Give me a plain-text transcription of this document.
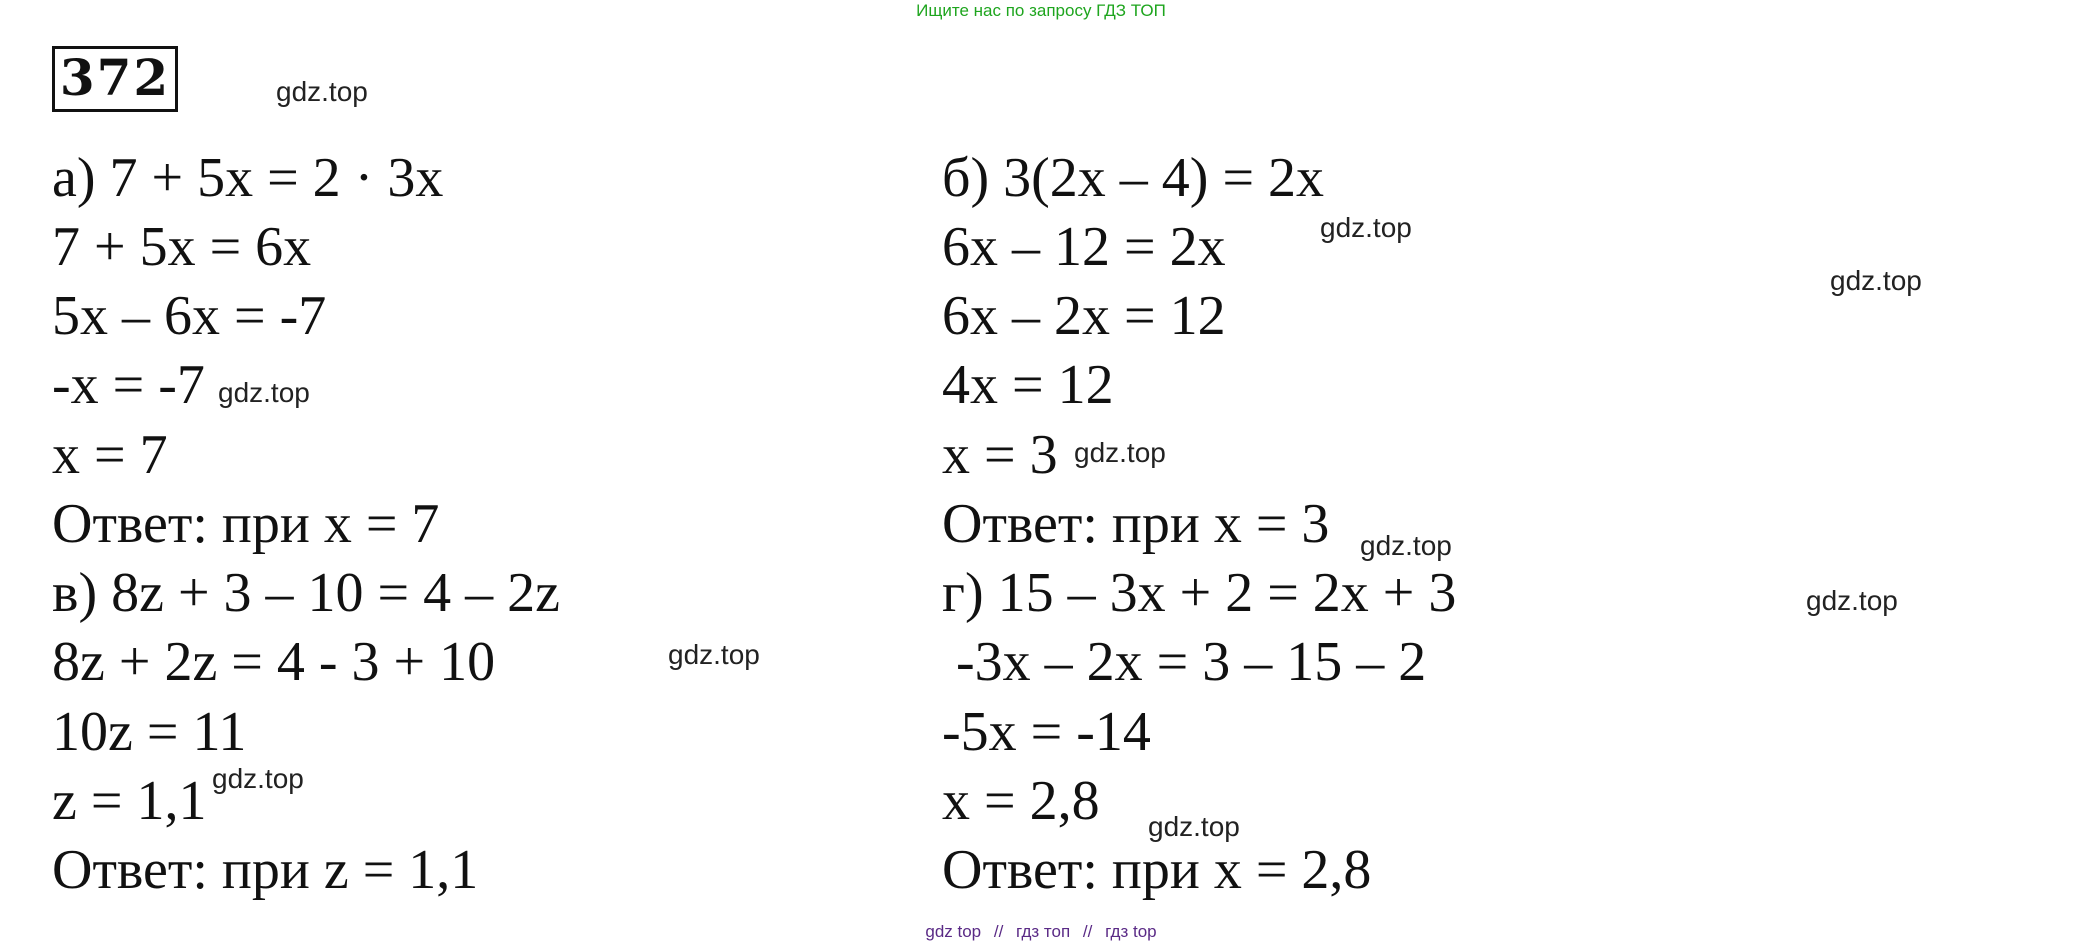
Ищите нас по запросу ГДЗ ТОП
372	gdz.top
gdz.top
gdz.top
gdz.top
gdz.top
gdz.top
gdz.top
gdz.top
gdz.top
gdz.top
а) 7 + 5x = 2 · 3x
7 + 5x = 6x
5x – 6x = -7
-x = -7
x = 7
Ответ: при x = 7
в) 8z + 3 – 10 = 4 – 2z
8z + 2z = 4 - 3 + 10
10z = 11
z = 1,1
Ответ: при z = 1,1
б) 3(2x – 4) = 2x
6x – 12 = 2x
6x – 2x = 12
4x = 12
x = 3
Ответ: при x = 3
г) 15 – 3x + 2 = 2x + 3
-3x – 2x = 3 – 15 – 2
-5x = -14
x = 2,8
Ответ: при x = 2,8
gdz top // гдз топ // гдз top
